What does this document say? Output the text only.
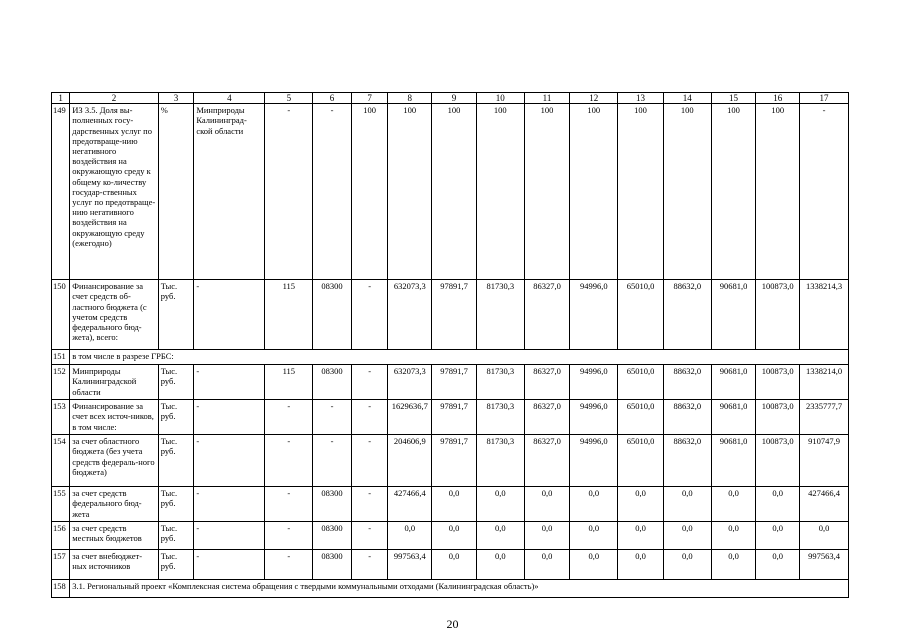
1	2	3	4	5	6	7	8	9	10	11	12	13	14	15	16	17
149	ИЗ 3.5. Доля вы-полненных госу-дарственных услуг по предотвраще-нию негативного воздействия на окружающую среду к общему ко-личеству государ-ственных услуг по предотвраще-нию негативного воздействия на окружающую среду (ежегодно)	%	Минприроды Калининград-ской области	-	-	100	100	100	100	100	100	100	100	100	100	-
150	Финансирование за счет средств об-ластного бюджета (с учетом средств федерального бюд-жета), всего:	Тыс. руб.	-	115	08300	-	632073,3	97891,7	81730,3	86327,0	94996,0	65010,0	88632,0	90681,0	100873,0	1338214,3
151	в том числе в разрезе ГРБС:															
152	Минприроды Калининградской области	Тыс. руб.	-	115	08300	-	632073,3	97891,7	81730,3	86327,0	94996,0	65010,0	88632,0	90681,0	100873,0	1338214,0
153	Финансирование за счет всех источ-ников, в том числе:	Тыс. руб.	-	-	-	-	1629636,7	97891,7	81730,3	86327,0	94996,0	65010,0	88632,0	90681,0	100873,0	2335777,7
154	за счет областного бюджета (без учета средств федераль-ного бюджета)	Тыс. руб.	-	-	-	-	204606,9	97891,7	81730,3	86327,0	94996,0	65010,0	88632,0	90681,0	100873,0	910747,9
155	за счет средств федерального бюд-жета	Тыс. руб.	-	-	08300	-	427466,4	0,0	0,0	0,0	0,0	0,0	0,0	0,0	0,0	427466,4
156	за счет средств местных бюджетов	Тыс. руб.	-	-	08300	-	0,0	0,0	0,0	0,0	0,0	0,0	0,0	0,0	0,0	0,0
157	за счет внебюджет-ных источников	Тыс. руб.	-	-	08300	-	997563,4	0,0	0,0	0,0	0,0	0,0	0,0	0,0	0,0	997563,4
158	3.1. Региональный проект «Комплексная система обращения с твердыми коммунальными отходами (Калининградская область)»															
20
